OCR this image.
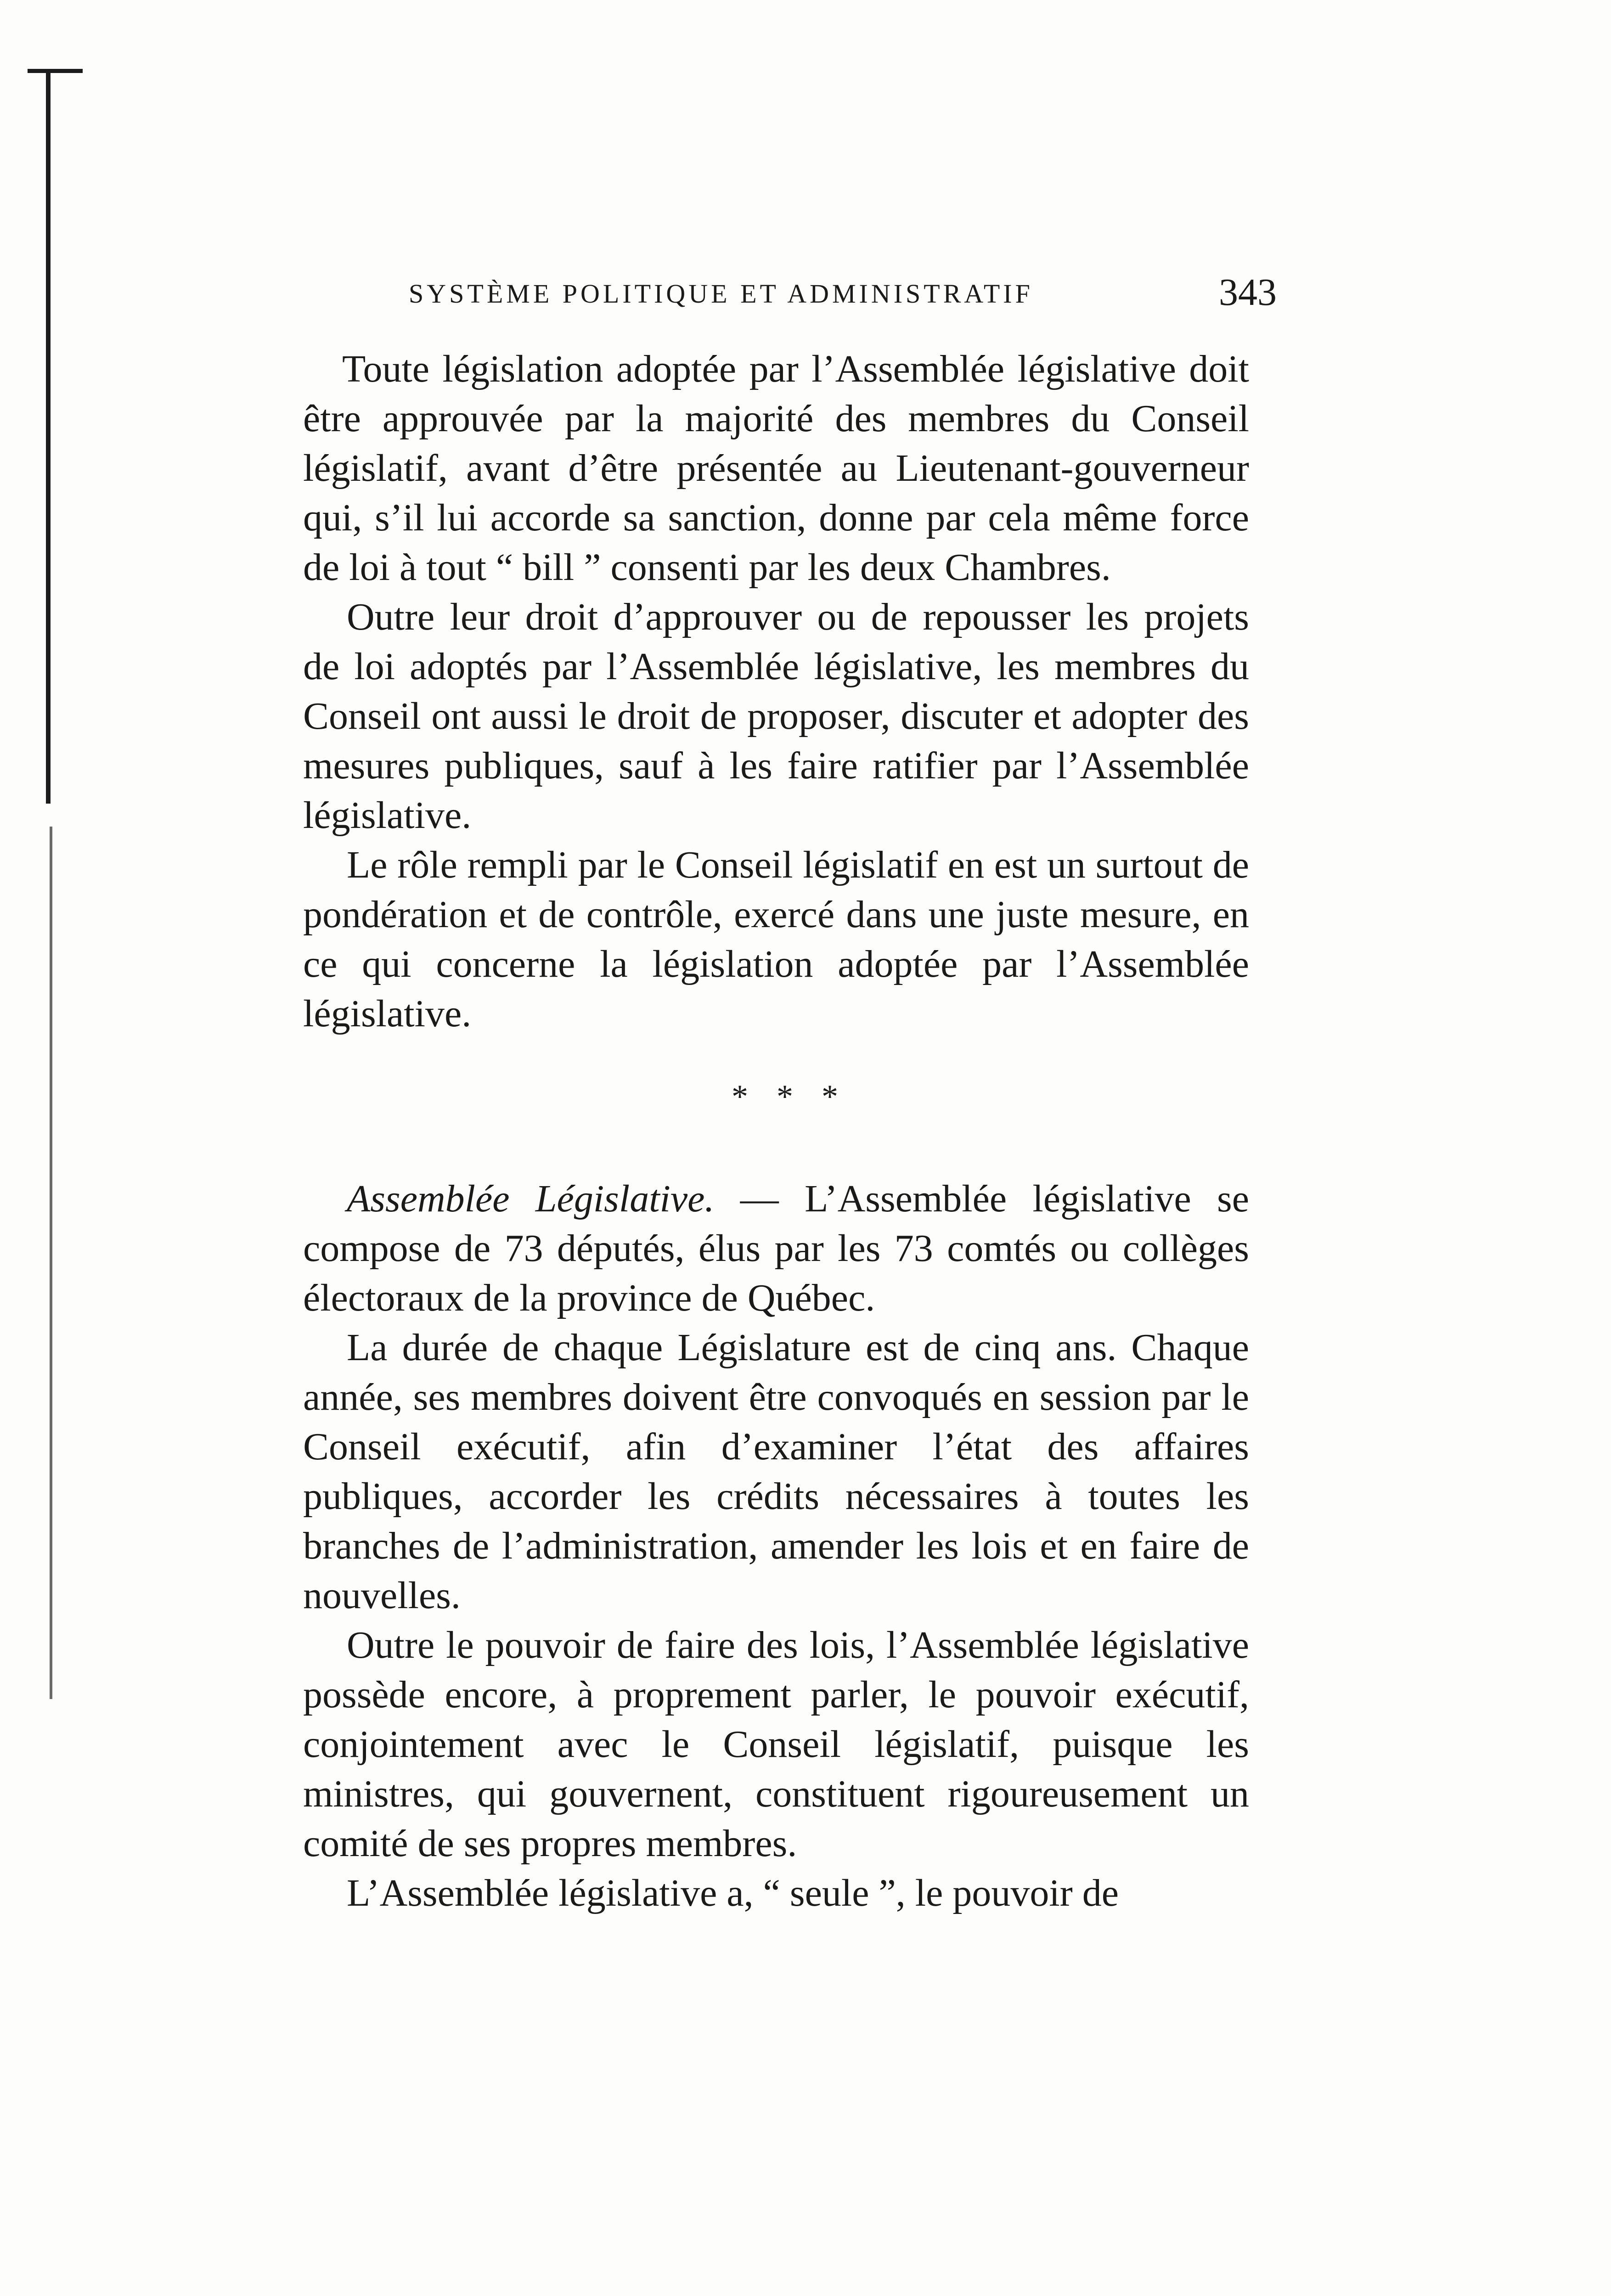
SYSTÈME POLITIQUE ET ADMINISTRATIF	343

Toute législation adoptée par l’Assemblée législative doit être approuvée par la majorité des membres du Conseil législatif, avant d’être présentée au Lieutenant-gouverneur qui, s’il lui accorde sa sanction, donne par cela même force de loi à tout “ bill ” consenti par les deux Chambres.

Outre leur droit d’approuver ou de repousser les projets de loi adoptés par l’Assemblée législative, les membres du Conseil ont aussi le droit de proposer, discuter et adopter des mesures publiques, sauf à les faire ratifier par l’Assemblée législative.

Le rôle rempli par le Conseil législatif en est un surtout de pondération et de contrôle, exercé dans une juste mesure, en ce qui concerne la législation adoptée par l’Assemblée législative.

* * *

Assemblée Législative. — L’Assemblée législative se compose de 73 députés, élus par les 73 comtés ou collèges électoraux de la province de Québec.

La durée de chaque Législature est de cinq ans. Chaque année, ses membres doivent être convoqués en session par le Conseil exécutif, afin d’examiner l’état des affaires publiques, accorder les crédits nécessaires à toutes les branches de l’administration, amender les lois et en faire de nouvelles.

Outre le pouvoir de faire des lois, l’Assemblée législative possède encore, à proprement parler, le pouvoir exécutif, conjointement avec le Conseil législatif, puisque les ministres, qui gouvernent, constituent rigoureusement un comité de ses propres membres.

L’Assemblée législative a, “ seule ”, le pouvoir de
